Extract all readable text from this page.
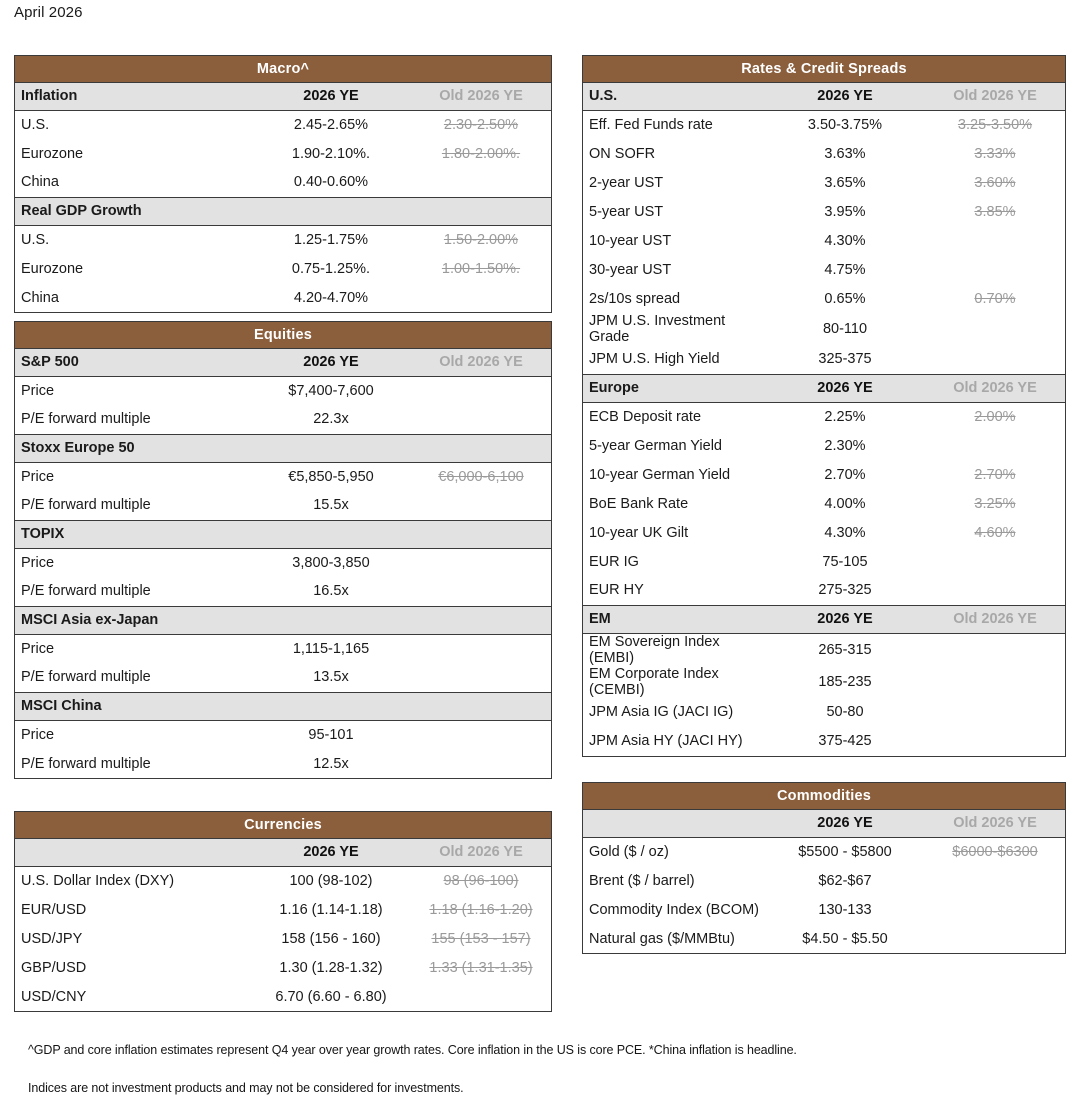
April 2026
Macro^		
Inflation	2026 YE	Old 2026 YE
U.S.	2.45-2.65%	2.30-2.50%
Eurozone	1.90-2.10%.	1.80-2.00%.
China	0.40-0.60%	
Real GDP Growth		
U.S.	1.25-1.75%	1.50-2.00%
Eurozone	0.75-1.25%.	1.00-1.50%.
China	4.20-4.70%	
Equities		
S&P 500	2026 YE	Old 2026 YE
Price	$7,400-7,600	
P/E forward multiple	22.3x	
Stoxx Europe 50		
Price	€5,850-5,950	€6,000-6,100
P/E forward multiple	15.5x	
TOPIX		
Price	3,800-3,850	
P/E forward multiple	16.5x	
MSCI Asia ex-Japan		
Price	1,115-1,165	
P/E forward multiple	13.5x	
MSCI China		
Price	95-101	
P/E forward multiple	12.5x	
Rates & Credit Spreads		
U.S.	2026 YE	Old 2026 YE
Eff. Fed Funds rate	3.50-3.75%	3.25-3.50%
ON SOFR	3.63%	3.33%
2-year UST	3.65%	3.60%
5-year UST	3.95%	3.85%
10-year UST	4.30%	
30-year UST	4.75%	
2s/10s spread	0.65%	0.70%
JPM U.S. Investment Grade	80-110	
JPM U.S. High Yield	325-375	
Europe	2026 YE	Old 2026 YE
ECB Deposit rate	2.25%	2.00%
5-year German Yield	2.30%	
10-year German Yield	2.70%	2.70%
BoE Bank Rate	4.00%	3.25%
10-year UK Gilt	4.30%	4.60%
EUR IG	75-105	
EUR HY	275-325	
EM	2026 YE	Old 2026 YE
EM Sovereign Index (EMBI)	265-315	
EM Corporate Index (CEMBI)	185-235	
JPM Asia IG (JACI IG)	50-80	
JPM Asia HY (JACI HY)	375-425	
Currencies		
	2026 YE	Old 2026 YE
U.S. Dollar Index (DXY)	100 (98-102)	98 (96-100)
EUR/USD	1.16 (1.14-1.18)	1.18 (1.16-1.20)
USD/JPY	158 (156 - 160)	155 (153 - 157)
GBP/USD	1.30 (1.28-1.32)	1.33 (1.31-1.35)
USD/CNY	6.70 (6.60 - 6.80)	
Commodities		
	2026 YE	Old 2026 YE
Gold ($ / oz)	$5500 - $5800	$6000-$6300
Brent ($ / barrel)	$62-$67	
Commodity Index (BCOM)	130-133	
Natural gas ($/MMBtu)	$4.50 - $5.50	
^GDP and core inflation estimates represent Q4 year over year growth rates. Core inflation in the US is core PCE. *China inflation is headline.
Indices are not investment products and may not be considered for investments.
